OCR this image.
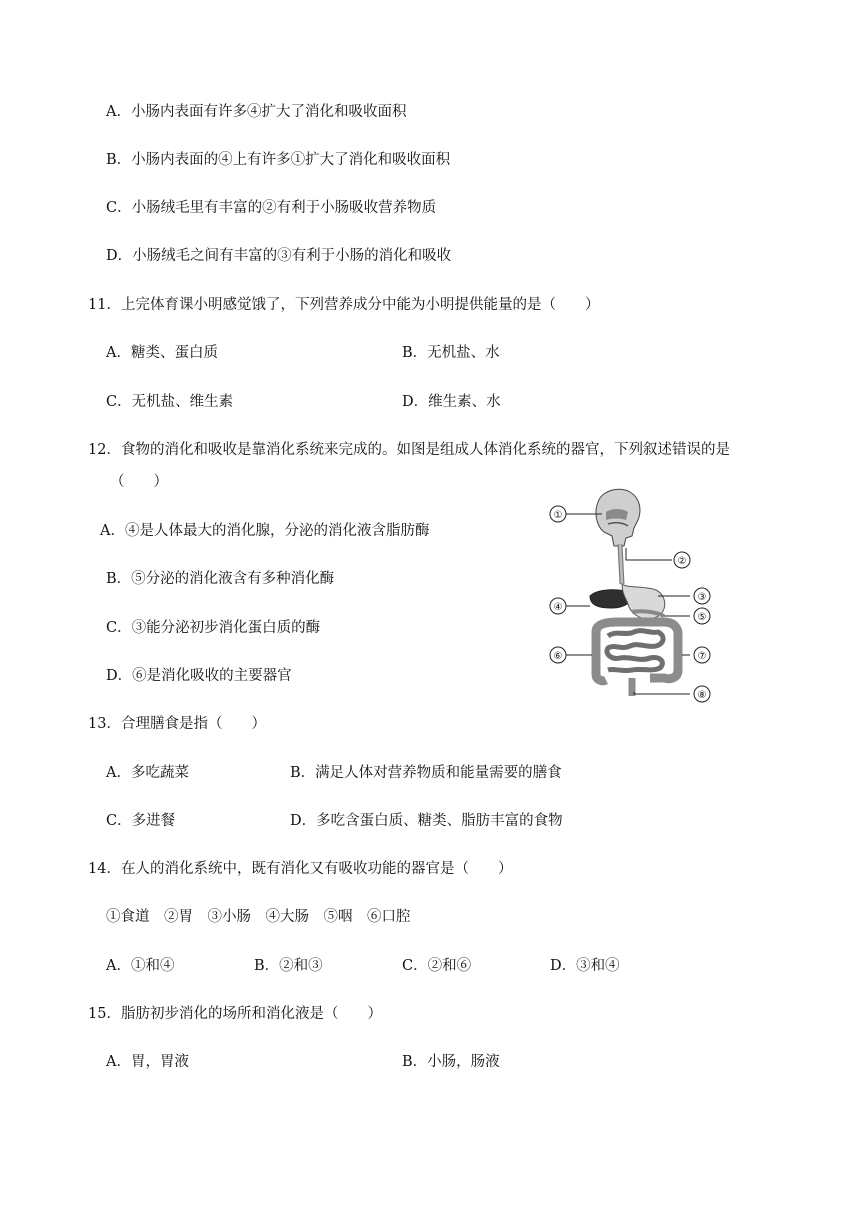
A．小肠内表面有许多④扩大了消化和吸收面积
B．小肠内表面的④上有许多①扩大了消化和吸收面积
C．小肠绒毛里有丰富的②有利于小肠吸收营养物质
D．小肠绒毛之间有丰富的③有利于小肠的消化和吸收
11．上完体育课小明感觉饿了，下列营养成分中能为小明提供能量的是（　　）
A．糖类、蛋白质	B．无机盐、水
C．无机盐、维生素	D．维生素、水
12．食物的消化和吸收是靠消化系统来完成的。如图是组成人体消化系统的器官，下列叙述错误的是
（　　）
A．④是人体最大的消化腺，分泌的消化液含脂肪酶
B．⑤分泌的消化液含有多种消化酶
C．③能分泌初步消化蛋白质的酶
D．⑥是消化吸收的主要器官
①
②
③
④
⑤
⑥	⑦
⑧
13．合理膳食是指（　　）
A．多吃蔬菜	B．满足人体对营养物质和能量需要的膳食
C．多进餐	D．多吃含蛋白质、糖类、脂肪丰富的食物
14．在人的消化系统中，既有消化又有吸收功能的器官是（　　）
①食道　②胃　③小肠　④大肠　⑤咽　⑥口腔
A．①和④	B．②和③	C．②和⑥	D．③和④
15．脂肪初步消化的场所和消化液是（　　）
A．胃，胃液	B．小肠，肠液
